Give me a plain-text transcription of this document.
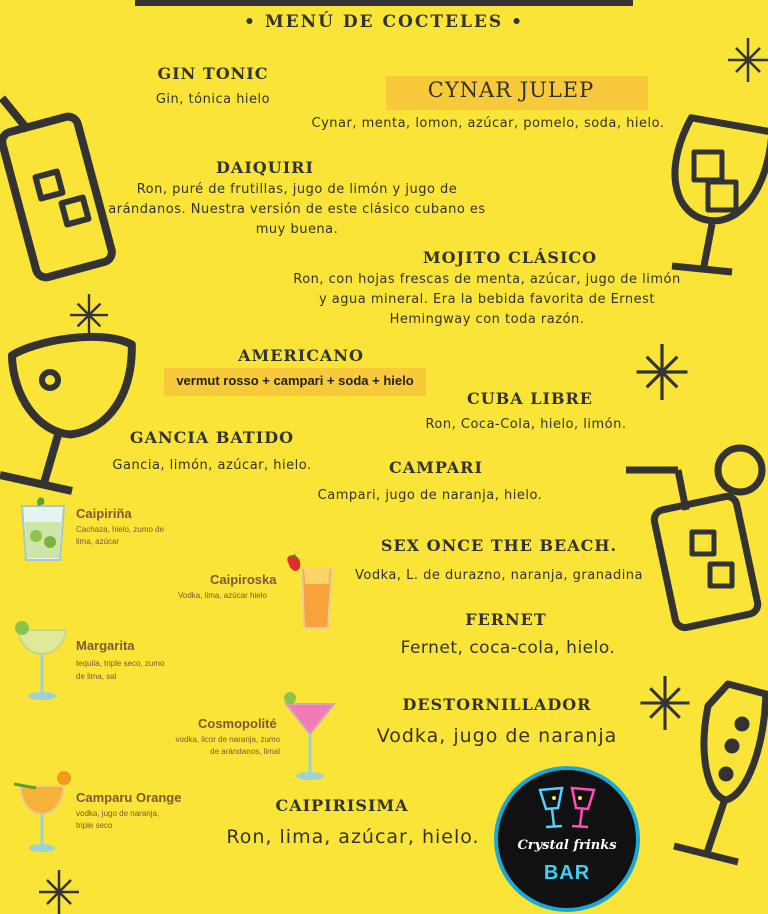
• MENÚ DE COCTELES •
GIN TONIC
Gin, tónica hielo	CYNAR JULEP
Cynar, menta, lomon, azúcar, pomelo, soda, hielo.
DAIQUIRI
Ron, puré de frutillas, jugo de limón y jugo de
arándanos. Nuestra versión de este clásico cubano es
muy buena.
MOJITO CLÁSICO
Ron, con hojas frescas de menta, azúcar, jugo de limón
y agua mineral. Era la bebida favorita de Ernest
Hemingway con toda razón.
AMERICANO
vermut rosso + campari + soda + hielo
CUBA LIBRE
Ron, Coca-Cola, hielo, limón.
GANCIA BATIDO
Gancia, limón, azúcar, hielo.	CAMPARI
Campari, jugo de naranja, hielo.
SEX ONCE THE BEACH.
Vodka, L. de durazno, naranja, granadina
FERNET
Fernet, coca-cola, hielo.
DESTORNILLADOR
Vodka, jugo de naranja
CAIPIRISIMA
Ron, lima, azúcar, hielo.
Caipiriña
Cachaza, hielo, zumo de
lima, azúcar
Caipiroska
Vodka, lima, azúcar hielo
Margarita
tequila, triple seco, zumo
de lima, sal
Cosmopolité
vodka, licor de naranja, zumo
de arándanos, limal
Camparu Orange
vodka, jugo de naranja,
triple seco
Crystal frinks
BAR
